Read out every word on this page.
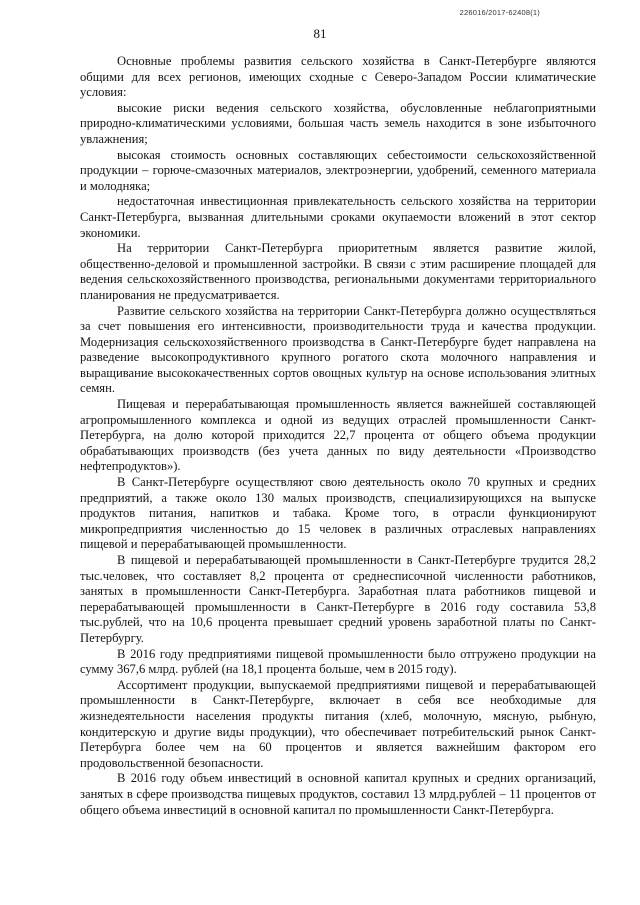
226016/2017-62408(1)
81

Основные проблемы развития сельского хозяйства в Санкт-Петербурге являются общими для всех регионов, имеющих сходные с Северо-Западом России климатические условия:

высокие риски ведения сельского хозяйства, обусловленные неблагоприятными природно-климатическими условиями, большая часть земель находится в зоне избыточного увлажнения;

высокая стоимость основных составляющих себестоимости сельскохозяйственной продукции – горюче-смазочных материалов, электроэнергии, удобрений, семенного материала и молодняка;

недостаточная инвестиционная привлекательность сельского хозяйства на территории Санкт-Петербурга, вызванная длительными сроками окупаемости вложений в этот сектор экономики.

На территории Санкт-Петербурга приоритетным является развитие жилой, общественно-деловой и промышленной застройки. В связи с этим расширение площадей для ведения сельскохозяйственного производства, региональными документами территориального планирования не предусматривается.

Развитие сельского хозяйства на территории Санкт-Петербурга должно осуществляться за счет повышения его интенсивности, производительности труда и качества продукции. Модернизация сельскохозяйственного производства в Санкт-Петербурге будет направлена на разведение высокопродуктивного крупного рогатого скота молочного направления и выращивание высококачественных сортов овощных культур на основе использования элитных семян.

Пищевая и перерабатывающая промышленность является важнейшей составляющей агропромышленного комплекса и одной из ведущих отраслей промышленности Санкт-Петербурга, на долю которой приходится 22,7 процента от общего объема продукции обрабатывающих производств (без учета данных по виду деятельности «Производство нефтепродуктов»).

В Санкт-Петербурге осуществляют свою деятельность около 70 крупных и средних предприятий, а также около 130 малых производств, специализирующихся на выпуске продуктов питания, напитков и табака. Кроме того, в отрасли функционируют микропредприятия численностью до 15 человек в различных отраслевых направлениях пищевой и перерабатывающей промышленности.

В пищевой и перерабатывающей промышленности в Санкт-Петербурге трудится 28,2 тыс.человек, что составляет 8,2 процента от среднесписочной численности работников, занятых в промышленности Санкт-Петербурга. Заработная плата работников пищевой и перерабатывающей промышленности в Санкт-Петербурге в 2016 году составила 53,8 тыс.рублей, что на 10,6 процента превышает средний уровень заработной платы по Санкт-Петербургу.

В 2016 году предприятиями пищевой промышленности было отгружено продукции на сумму 367,6 млрд. рублей (на 18,1 процента больше, чем в 2015 году).

Ассортимент продукции, выпускаемой предприятиями пищевой и перерабатывающей промышленности в Санкт-Петербурге, включает в себя все необходимые для жизнедеятельности населения продукты питания (хлеб, молочную, мясную, рыбную, кондитерскую и другие виды продукции), что обеспечивает потребительский рынок Санкт-Петербурга более чем на 60 процентов и является важнейшим фактором его продовольственной безопасности.

В 2016 году объем инвестиций в основной капитал крупных и средних организаций, занятых в сфере производства пищевых продуктов, составил 13 млрд.рублей – 11 процентов от общего объема инвестиций в основной капитал по промышленности Санкт-Петербурга.
